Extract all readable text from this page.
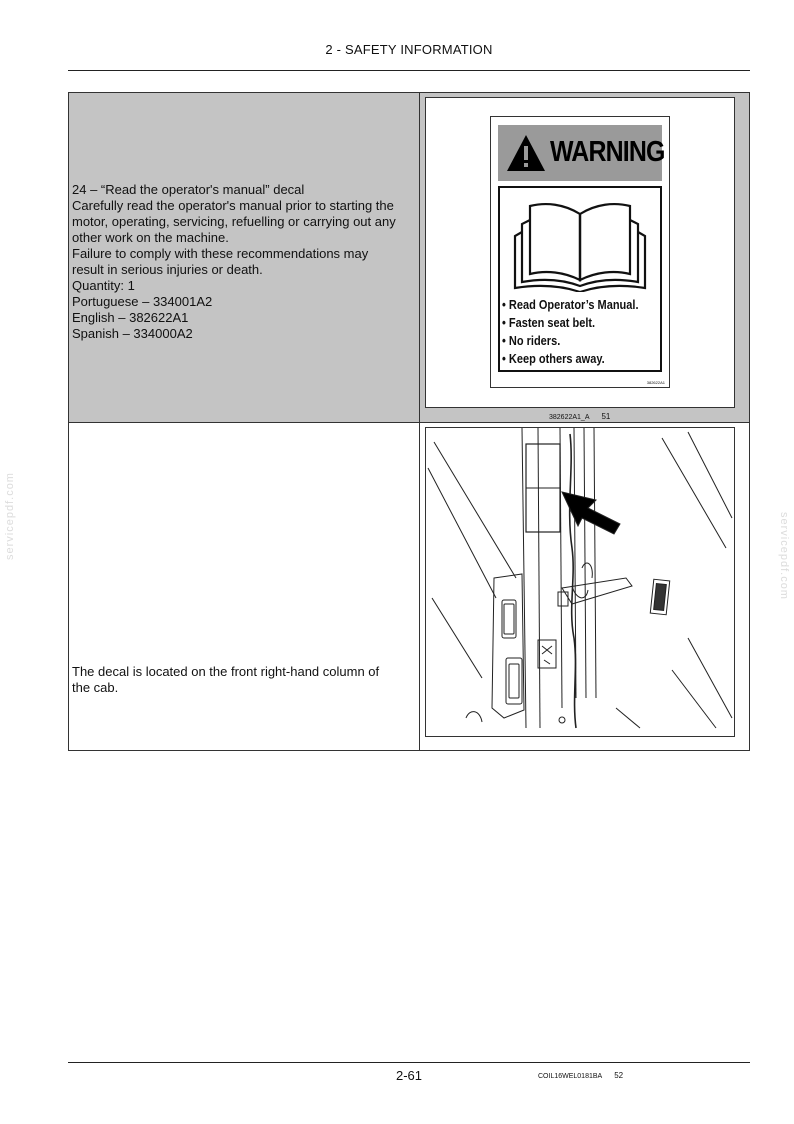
2 - SAFETY INFORMATION
servicepdf.com	servicepdf.com
24 – “Read the operator's manual” decal
Carefully read the operator's manual prior to starting the
motor, operating, servicing, refuelling or carrying out any
other work on the machine.
Failure to comply with these recommendations may
result in serious injuries or death.
Quantity: 1
Portuguese – 334001A2
English – 382622A1
Spanish – 334000A2
WARNING
• Read Operator’s Manual.
• Fasten seat belt.
• No riders.
• Keep others away.
382622A1
382622A1_A 51
The decal is located on the front right-hand column of
the cab.
COIL16WEL0181BA 52
2-61
